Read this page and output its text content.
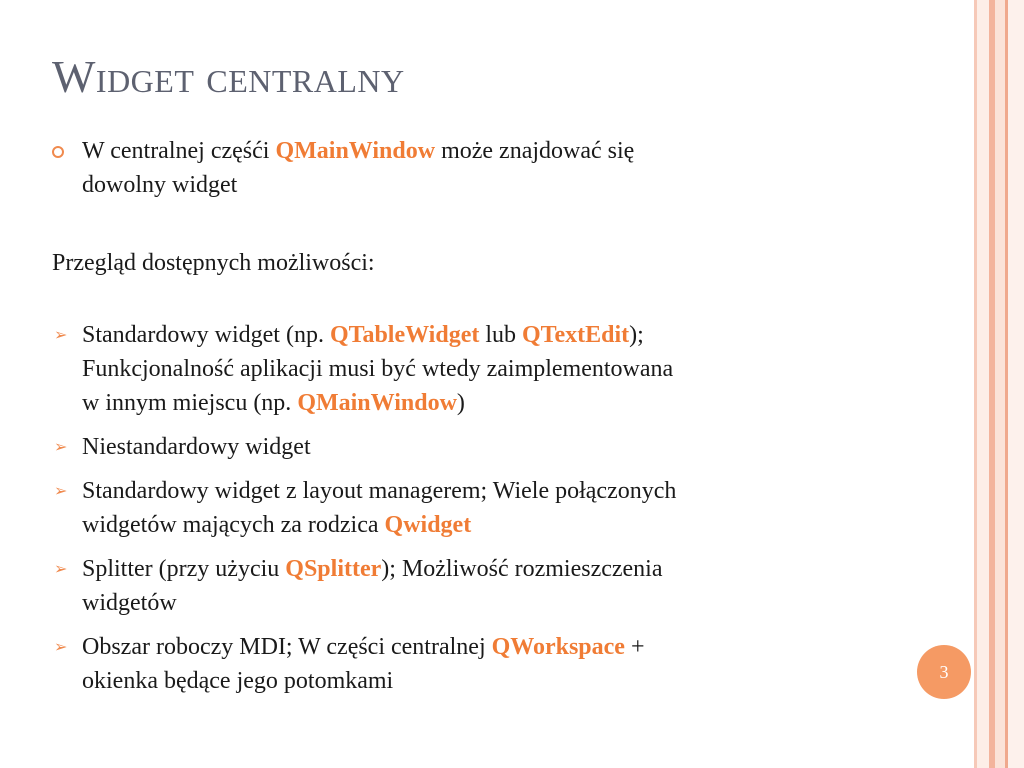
Widget centralny
W centralnej częśći QMainWindow może znajdować się
dowolny widget
Przegląd dostępnych możliwości:
➢ Standardowy widget (np. QTableWidget lub QTextEdit);
Funkcjonalność aplikacji musi być wtedy zaimplementowana
w innym miejscu (np. QMainWindow)
➢ Niestandardowy widget
➢ Standardowy widget z layout managerem; Wiele połączonych
widgetów mających za rodzica Qwidget
➢ Splitter (przy użyciu QSplitter); Możliwość rozmieszczenia
widgetów
➢ Obszar roboczy MDI; W części centralnej QWorkspace +
okienka będące jego potomkami	3
